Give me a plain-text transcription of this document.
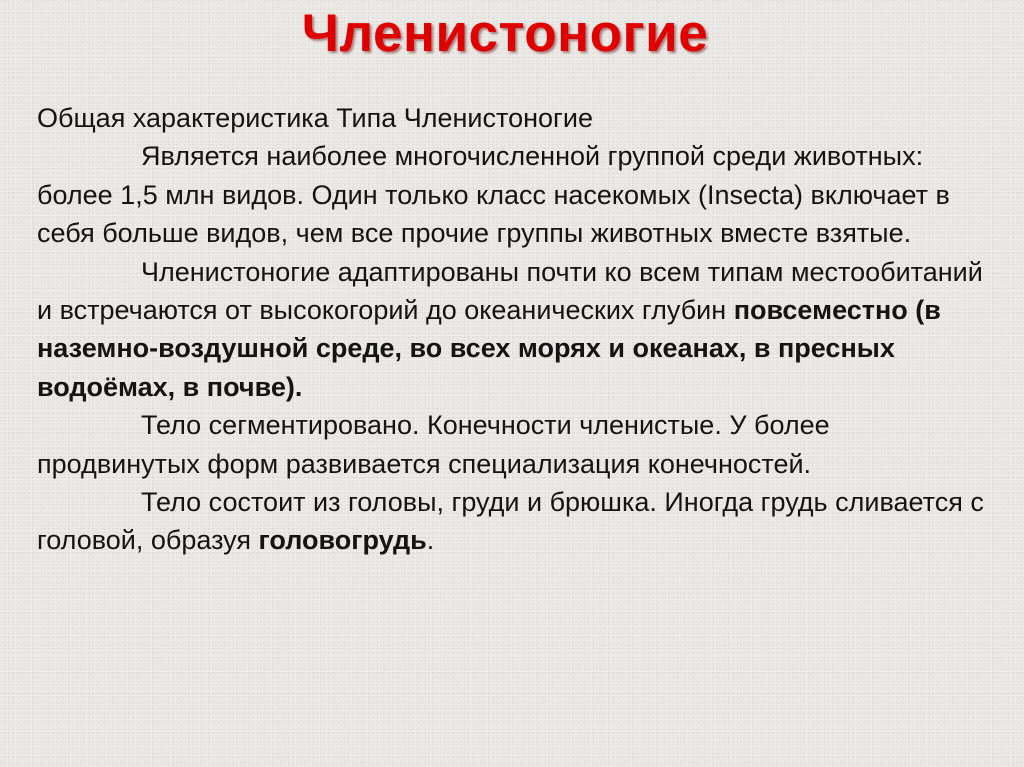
Членистоногие

Общая характеристика Типа Членистоногие

Является наиболее многочисленной группой среди животных: более 1,5 млн видов. Один только класс насекомых (Insecta) включает в себя больше видов, чем все прочие группы животных вместе взятые.

Членистоногие адаптированы почти ко всем типам местообитаний и встречаются от высокогорий до океанических глубин повсеместно (в наземно-воздушной среде, во всех морях и океанах, в пресных водоёмах, в почве).

Тело сегментировано. Конечности членистые. У более продвинутых форм развивается специализация конечностей.

Тело состоит из головы, груди и брюшка. Иногда грудь сливается с головой, образуя головогрудь.
